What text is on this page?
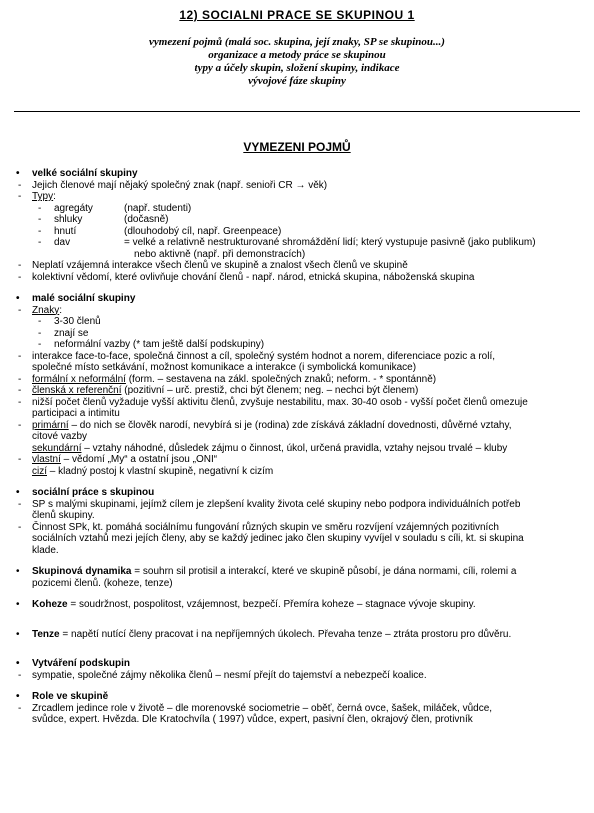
12) SOCIALNI PRACE SE SKUPINOU 1
vymezení pojmů (malá soc. skupina, její znaky, SP se skupinou...)
organizace a metody práce se skupinou
typy a účely skupin, složení skupiny, indikace
vývojové fáze skupiny
VYMEZENI POJMŮ
• velké sociální skupiny
- Jejich členové mají nějaký společný znak (např. senioři CR → věk)
- Typy:
- agregáty	(např. studenti)
- shluky	(dočasně)
- hnutí	(dlouhodobý cíl, např. Greenpeace)
- dav	= velké a relativně nestrukturované shromáždění lidí; který vystupuje pasivně (jako publikum)
nebo aktivně (např. při demonstracích)
- Neplatí vzájemná interakce všech členů ve skupině a znalost všech členů ve skupině
- kolektivní vědomí, které ovlivňuje chování členů - např. národ, etnická skupina, náboženská skupina
• malé sociální skupiny
- Znaky:
- 3-30 členů
- znají se
- neformální vazby (* tam ještě další podskupiny)
- interakce face-to-face, společná činnost a cíl, společný systém hodnot a norem, diferenciace pozic a rolí,
společné místo setkávání, možnost komunikace a interakce (i symbolická komunikace)
- formální x neformální (form. – sestavena na zákl. společných znaků; neform. - * spontánně)
- členská x referenční (pozitivní – urč. prestiž, chci být členem; neg. – nechci být členem)
- nižší počet členů vyžaduje vyšší aktivitu členů, zvyšuje nestabilitu, max. 30-40 osob - vyšší počet členů omezuje
participaci a intimitu
- primární – do nich se člověk narodí, nevybírá si je (rodina) zde získává základní dovednosti, důvěrné vztahy,
citové vazby
sekundární – vztahy náhodné, důsledek zájmu o činnost, úkol, určená pravidla, vztahy nejsou trvalé – kluby
- vlastní – vědomí „My“ a ostatní jsou „ONI“
cizí – kladný postoj k vlastní skupině, negativní k cizím
• sociální práce s skupinou
- SP s malými skupinami, jejímž cílem je zlepšení kvality života celé skupiny nebo podpora individuálních potřeb
členů skupiny.
- Činnost SPk, kt. pomáhá sociálnímu fungování různých skupin ve směru rozvíjení vzájemných pozitivních
sociálních vztahů mezi jejích členy, aby se každý jedinec jako člen skupiny vyvíjel v souladu s cíli, kt. si skupina
klade.
• Skupinová dynamika = souhrn sil protisil a interakcí, které ve skupině působí, je dána normami, cíli, rolemi a
pozicemi členů. (koheze, tenze)
• Koheze = soudržnost, pospolitost, vzájemnost, bezpečí. Přemíra koheze – stagnace vývoje skupiny.
• Tenze = napětí nutící členy pracovat i na nepříjemných úkolech. Převaha tenze – ztráta prostoru pro důvěru.
• Vytváření podskupin
- sympatie, společné zájmy několika členů – nesmí přejít do tajemství a nebezpečí koalice.
• Role ve skupině
- Zrcadlem jedince role v životě – dle morenovské sociometrie – oběť, černá ovce, šašek, miláček, vůdce,
svůdce, expert. Hvězda. Dle Kratochvíla ( 1997) vůdce, expert, pasivní člen, okrajový člen, protivník
